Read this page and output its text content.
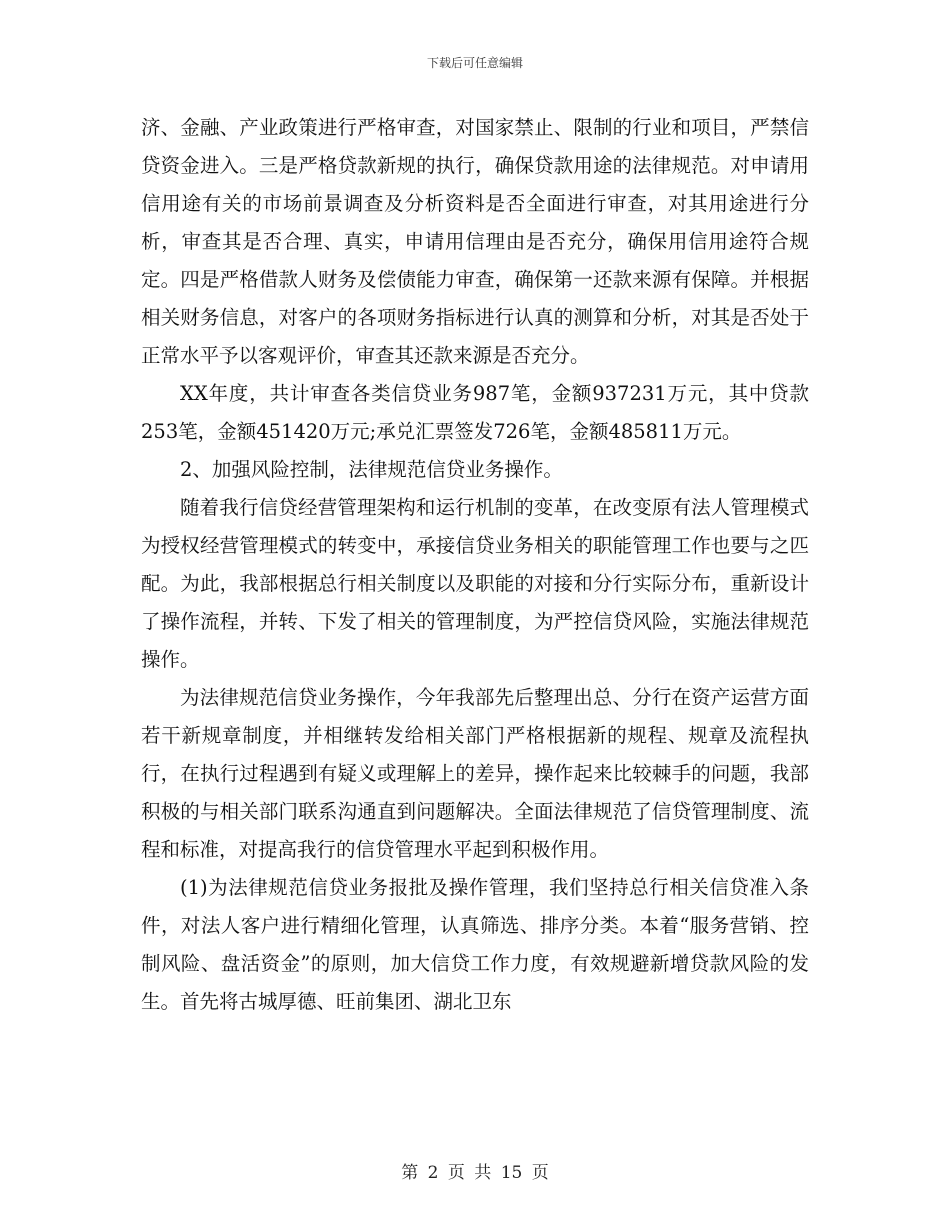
下载后可任意编辑

济、金融、产业政策进行严格审查，对国家禁止、限制的行业和项目，严禁信贷资金进入。三是严格贷款新规的执行，确保贷款用途的法律规范。对申请用信用途有关的市场前景调查及分析资料是否全面进行审查，对其用途进行分析，审查其是否合理、真实，申请用信理由是否充分，确保用信用途符合规定。四是严格借款人财务及偿债能力审查，确保第一还款来源有保障。并根据相关财务信息，对客户的各项财务指标进行认真的测算和分析，对其是否处于正常水平予以客观评价，审查其还款来源是否充分。

XX年度，共计审查各类信贷业务987笔，金额937231万元，其中贷款253笔，金额451420万元;承兑汇票签发726笔，金额485811万元。

2、加强风险控制，法律规范信贷业务操作。

随着我行信贷经营管理架构和运行机制的变革，在改变原有法人管理模式为授权经营管理模式的转变中，承接信贷业务相关的职能管理工作也要与之匹配。为此，我部根据总行相关制度以及职能的对接和分行实际分布，重新设计了操作流程，并转、下发了相关的管理制度，为严控信贷风险，实施法律规范操作。

为法律规范信贷业务操作，今年我部先后整理出总、分行在资产运营方面若干新规章制度，并相继转发给相关部门严格根据新的规程、规章及流程执行，在执行过程遇到有疑义或理解上的差异，操作起来比较棘手的问题，我部积极的与相关部门联系沟通直到问题解决。全面法律规范了信贷管理制度、流程和标准，对提高我行的信贷管理水平起到积极作用。

(1)为法律规范信贷业务报批及操作管理，我们坚持总行相关信贷准入条件，对法人客户进行精细化管理，认真筛选、排序分类。本着“服务营销、控制风险、盘活资金”的原则，加大信贷工作力度，有效规避新增贷款风险的发生。首先将古城厚德、旺前集团、湖北卫东

第 2 页 共 15 页
